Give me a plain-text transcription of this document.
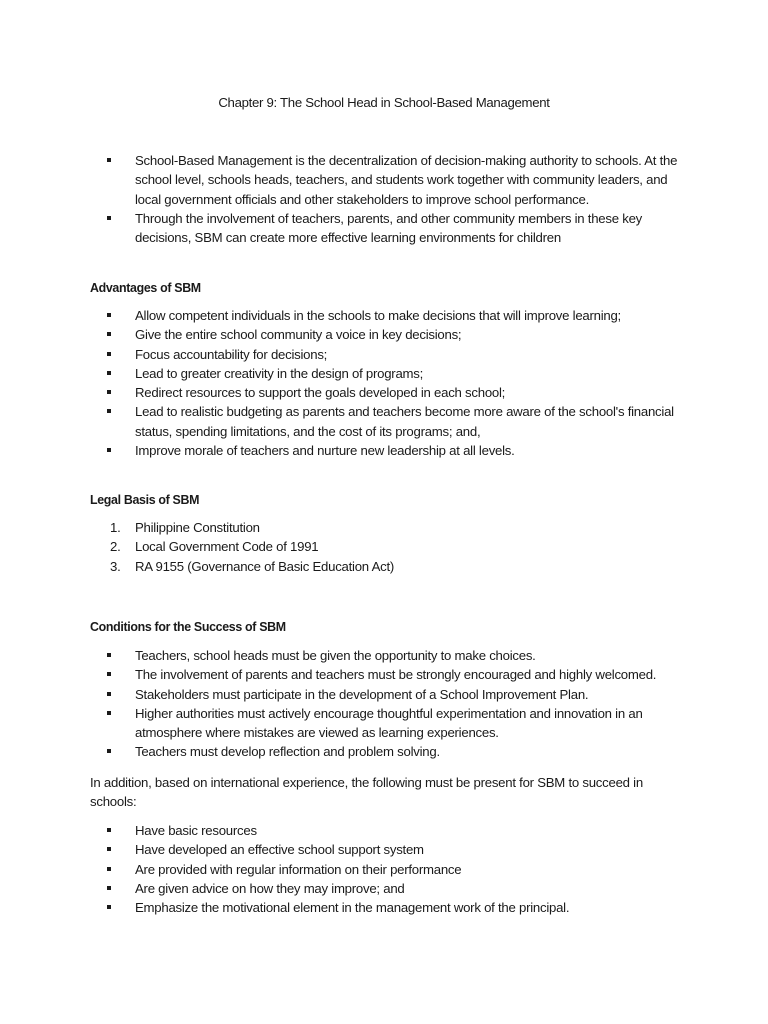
Chapter 9: The School Head in School-Based Management
School-Based Management is the decentralization of decision-making authority to schools. At the school level, schools heads, teachers, and students work together with community leaders, and local government officials and other stakeholders to improve school performance.
Through the involvement of teachers, parents, and other community members in these key decisions, SBM can create more effective learning environments for children
Advantages of SBM
Allow competent individuals in the schools to make decisions that will improve learning;
Give the entire school community a voice in key decisions;
Focus accountability for decisions;
Lead to greater creativity in the design of programs;
Redirect resources to support the goals developed in each school;
Lead to realistic budgeting as parents and teachers become more aware of the school's financial status, spending limitations, and the cost of its programs; and,
Improve morale of teachers and nurture new leadership at all levels.
Legal Basis of SBM
1. Philippine Constitution
2. Local Government Code of 1991
3. RA 9155 (Governance of Basic Education Act)
Conditions for the Success of SBM
Teachers, school heads must be given the opportunity to make choices.
The involvement of parents and teachers must be strongly encouraged and highly welcomed.
Stakeholders must participate in the development of a School Improvement Plan.
Higher authorities must actively encourage thoughtful experimentation and innovation in an atmosphere where mistakes are viewed as learning experiences.
Teachers must develop reflection and problem solving.

In addition, based on international experience, the following must be present for SBM to succeed in schools:

Have basic resources
Have developed an effective school support system
Are provided with regular information on their performance
Are given advice on how they may improve; and
Emphasize the motivational element in the management work of the principal.
